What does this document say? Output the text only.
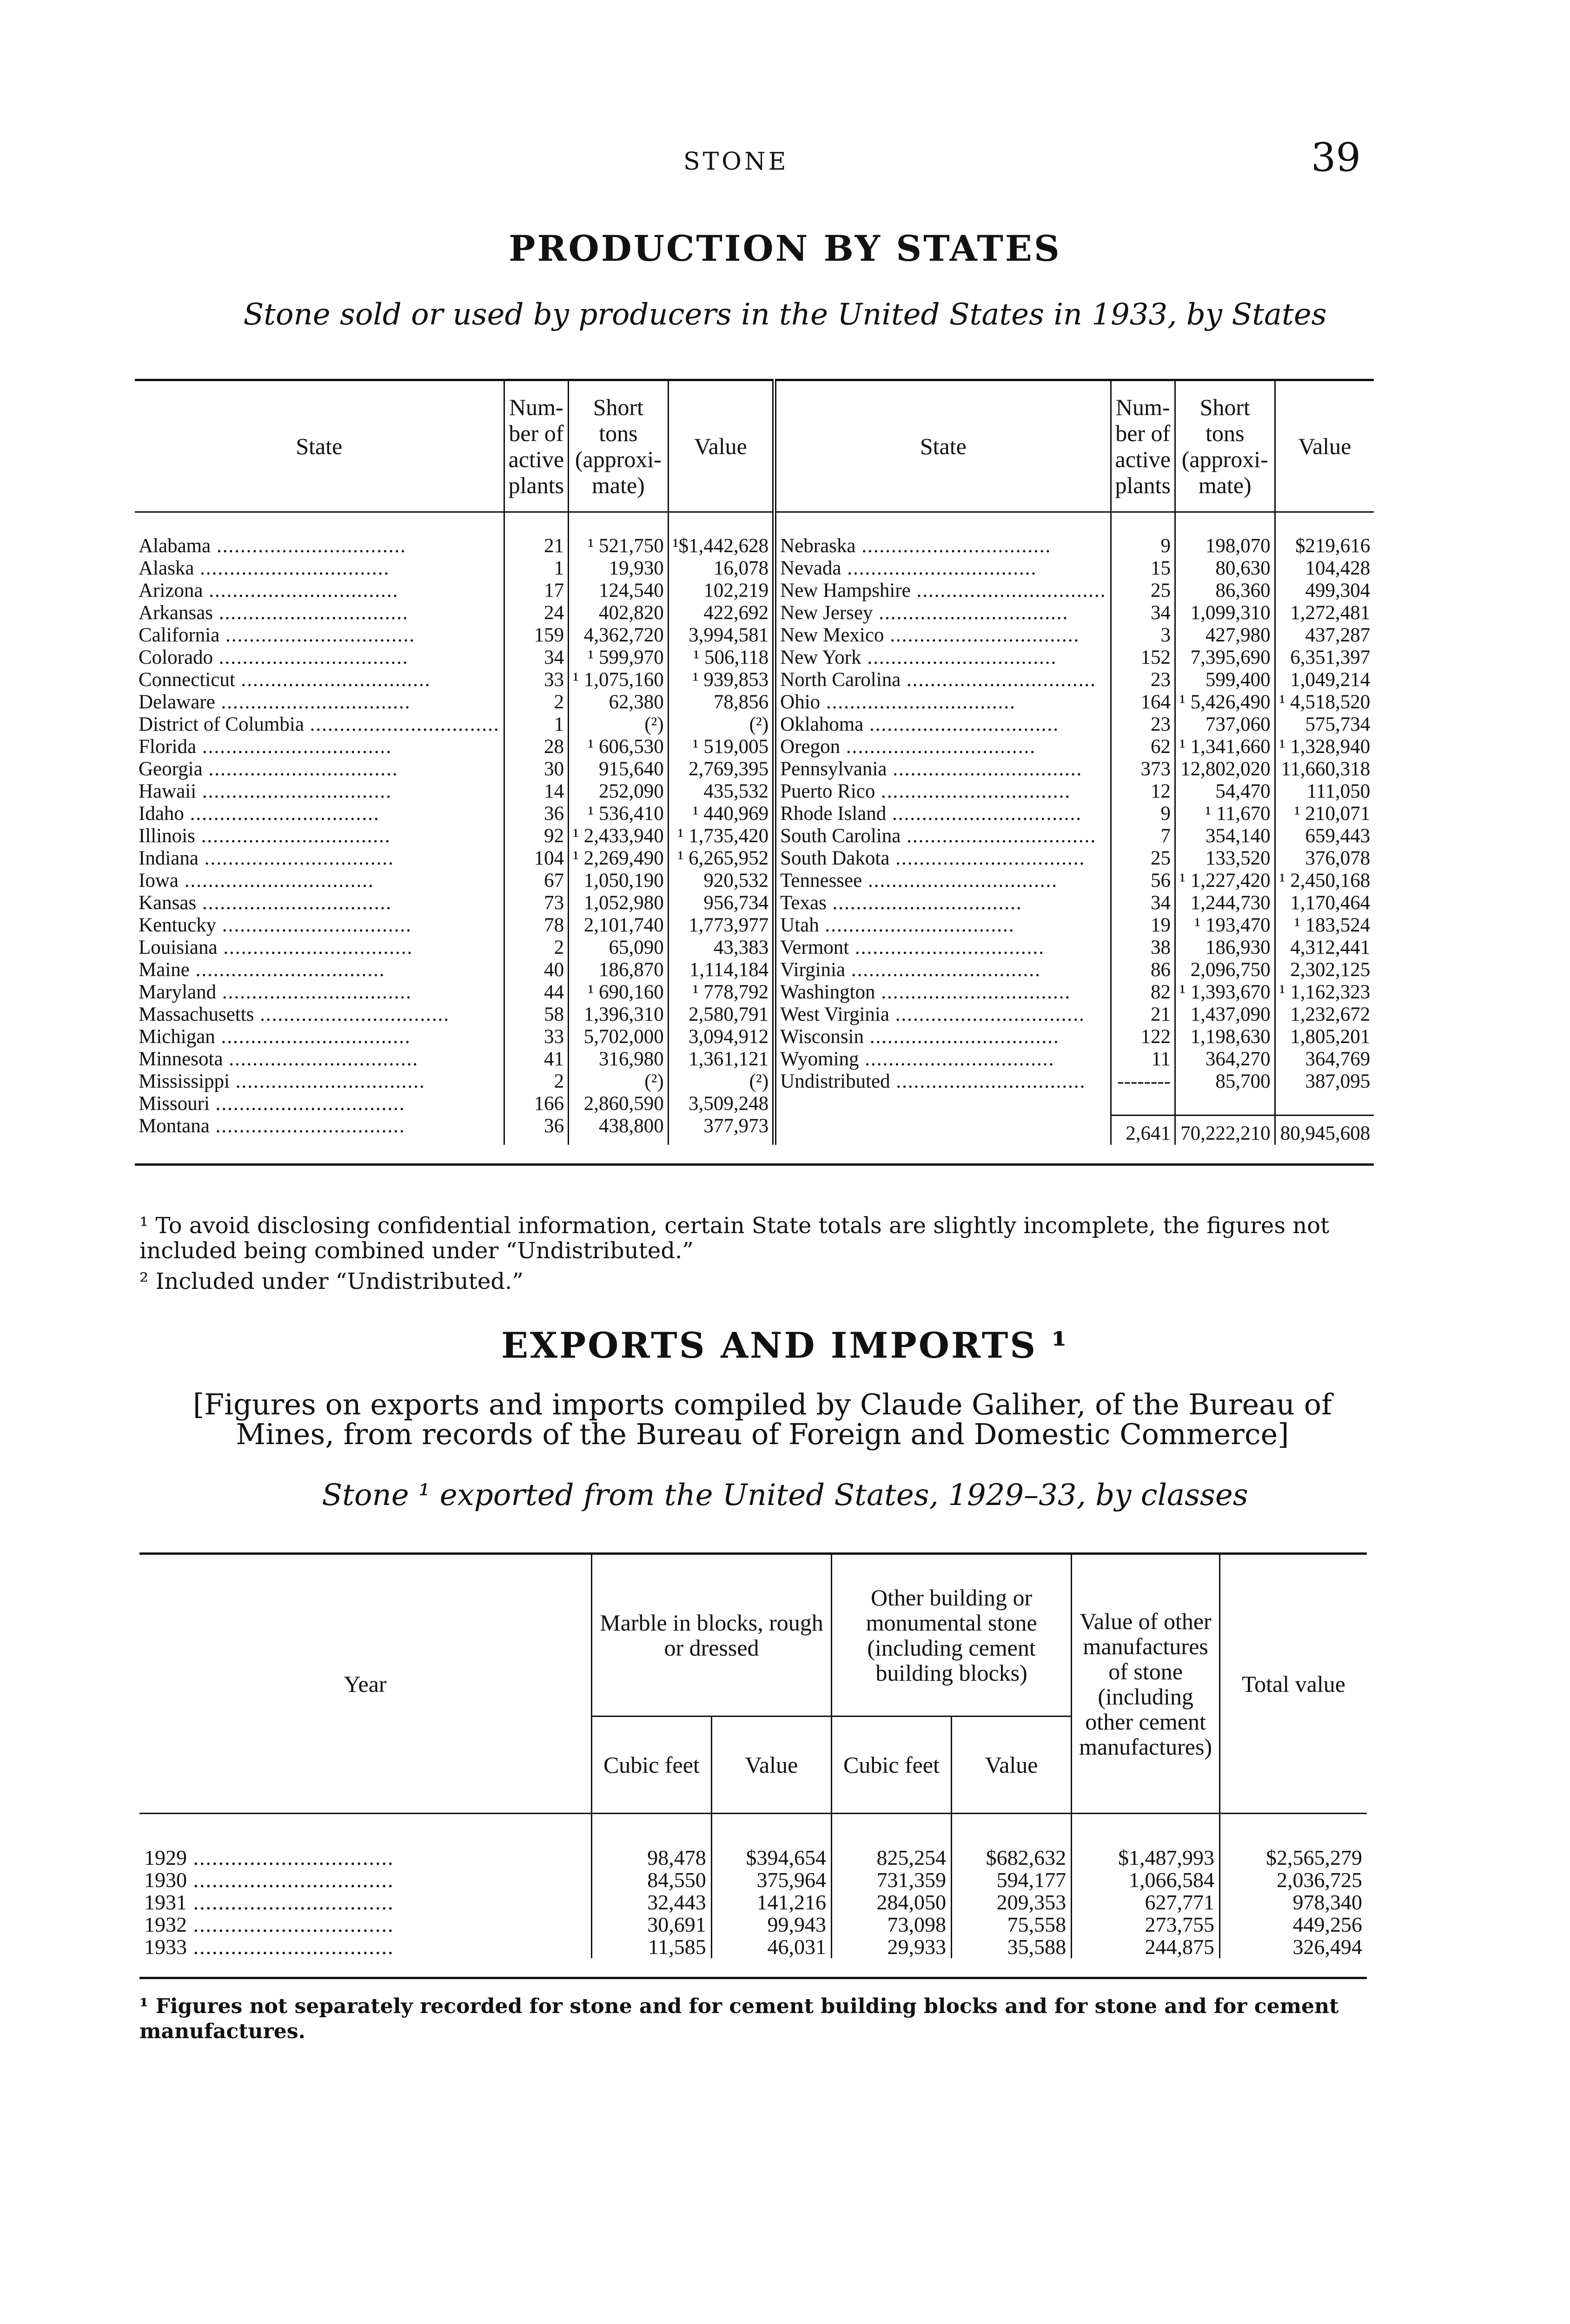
STONE	39
PRODUCTION BY STATES
Stone sold or used by producers in the United States in 1933, by States
State	Num-ber of active plants	Short tons (approxi-mate)	Value	State	Num-ber of active plants	Short tons (approxi-mate)	Value
Alabama .....	21	¹ 521,750	¹$1,442,628	Nebraska .....	9	198,070	$219,616
Alaska .....	1	19,930	16,078	Nevada .....	15	80,630	104,428
Arizona .....	17	124,540	102,219	New Hampshire .....	25	86,360	499,304
Arkansas .....	24	402,820	422,692	New Jersey .....	34	1,099,310	1,272,481
California .....	159	4,362,720	3,994,581	New Mexico .....	3	427,980	437,287
Colorado .....	34	¹ 599,970	¹ 506,118	New York .....	152	7,395,690	6,351,397
Connecticut .....	33	¹ 1,075,160	¹ 939,853	North Carolina .....	23	599,400	1,049,214
Delaware .....	2	62,380	78,856	Ohio .....	164	¹ 5,426,490	¹ 4,518,520
District of Columbia .....	1	(²)	(²)	Oklahoma .....	23	737,060	575,734
Florida .....	28	¹ 606,530	¹ 519,005	Oregon .....	62	¹ 1,341,660	¹ 1,328,940
Georgia .....	30	915,640	2,769,395	Pennsylvania .....	373	12,802,020	11,660,318
Hawaii .....	14	252,090	435,532	Puerto Rico .....	12	54,470	111,050
Idaho .....	36	¹ 536,410	¹ 440,969	Rhode Island .....	9	¹ 11,670	¹ 210,071
Illinois .....	92	¹ 2,433,940	¹ 1,735,420	South Carolina .....	7	354,140	659,443
Indiana .....	104	¹ 2,269,490	¹ 6,265,952	South Dakota .....	25	133,520	376,078
Iowa .....	67	1,050,190	920,532	Tennessee .....	56	¹ 1,227,420	¹ 2,450,168
Kansas .....	73	1,052,980	956,734	Texas .....	34	1,244,730	1,170,464
Kentucky .....	78	2,101,740	1,773,977	Utah .....	19	¹ 193,470	¹ 183,524
Louisiana .....	2	65,090	43,383	Vermont .....	38	186,930	4,312,441
Maine .....	40	186,870	1,114,184	Virginia .....	86	2,096,750	2,302,125
Maryland .....	44	¹ 690,160	¹ 778,792	Washington .....	82	¹ 1,393,670	¹ 1,162,323
Massachusetts .....	58	1,396,310	2,580,791	West Virginia .....	21	1,437,090	1,232,672
Michigan .....	33	5,702,000	3,094,912	Wisconsin .....	122	1,198,630	1,805,201
Minnesota .....	41	316,980	1,361,121	Wyoming .....	11	364,270	364,769
Mississippi .....	2	(²)	(²)	Undistributed .....	--------	85,700	387,095
Missouri .....	166	2,860,590	3,509,248				
Montana .....	36	438,800	377,973		2,641	70,222,210	80,945,608

¹ To avoid disclosing confidential information, certain State totals are slightly incomplete, the figures not included being combined under “Undistributed.”
² Included under “Undistributed.”
EXPORTS AND IMPORTS ¹
[Figures on exports and imports compiled by Claude Galiher, of the Bureau of Mines, from records of the Bureau of Foreign and Domestic Commerce]
Stone ¹ exported from the United States, 1929–33, by classes
Year	Marble in blocks, rough or dressed		Other building or monumental stone (including cement building blocks)		Value of other manufactures of stone (including other cement manufactures)	Total value
	Cubic feet	Value	Cubic feet	Value		
1929 .....	98,478	$394,654	825,254	$682,632	$1,487,993	$2,565,279
1930 .....	84,550	375,964	731,359	594,177	1,066,584	2,036,725
1931 .....	32,443	141,216	284,050	209,353	627,771	978,340
1932 .....	30,691	99,943	73,098	75,558	273,755	449,256
1933 .....	11,585	46,031	29,933	35,588	244,875	326,494

¹ Figures not separately recorded for stone and for cement building blocks and for stone and for cement manufactures.
